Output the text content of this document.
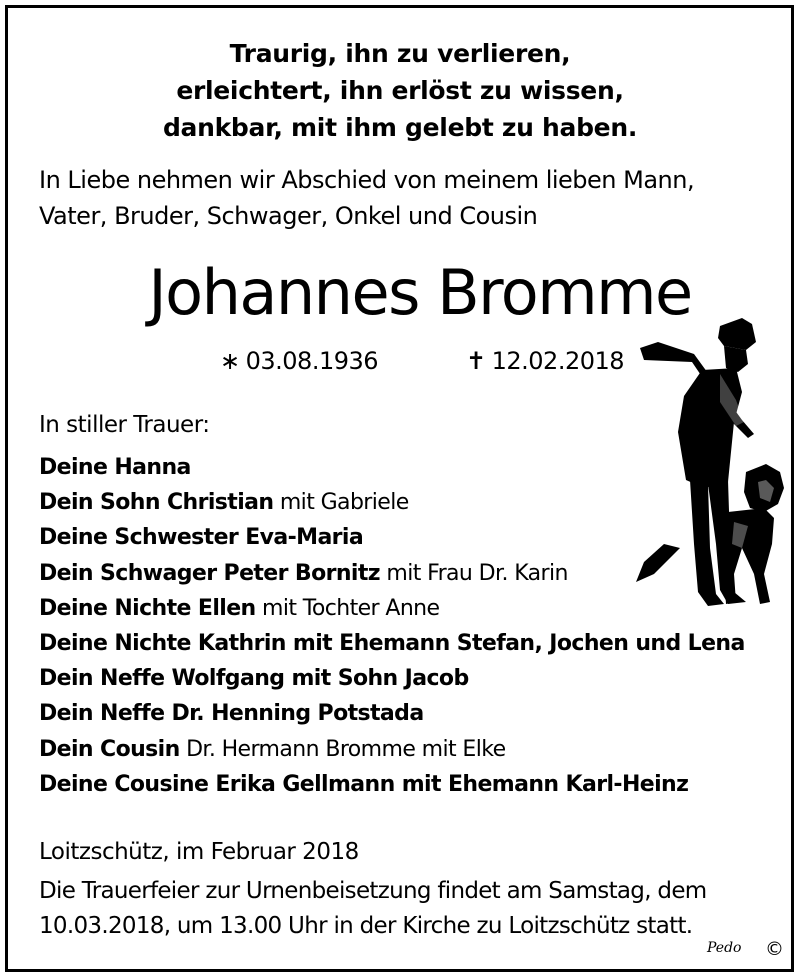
Traurig, ihn zu verlieren,
erleichtert, ihn erlöst zu wissen,
dankbar, mit ihm gelebt zu haben.
In Liebe nehmen wir Abschied von meinem lieben Mann,
Vater, Bruder, Schwager, Onkel und Cousin
Johannes Bromme
∗ 03.08.1936	✝ 12.02.2018
In stiller Trauer:
Deine Hanna
Dein Sohn Christian mit Gabriele
Deine Schwester Eva-Maria
Dein Schwager Peter Bornitz mit Frau Dr. Karin
Deine Nichte Ellen mit Tochter Anne
Deine Nichte Kathrin mit Ehemann Stefan, Jochen und Lena
Dein Neffe Wolfgang mit Sohn Jacob
Dein Neffe Dr. Henning Potstada
Dein Cousin Dr. Hermann Bromme mit Elke
Deine Cousine Erika Gellmann mit Ehemann Karl-Heinz
Loitzschütz, im Februar 2018
Die Trauerfeier zur Urnenbeisetzung findet am Samstag, dem
10.03.2018, um 13.00 Uhr in der Kirche zu Loitzschütz statt.
Pedo ©
